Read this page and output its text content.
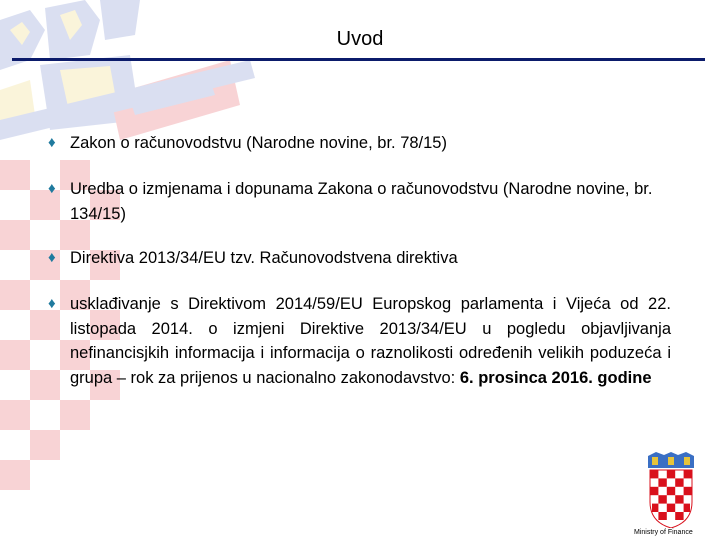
Uvod
♦ Zakon o računovodstvu (Narodne novine, br. 78/15)
♦ Uredba o izmjenama i dopunama Zakona o računovodstvu (Narodne novine, br. 134/15)
♦ Direktiva 2013/34/EU tzv. Računovodstvena direktiva
♦ usklađivanje s Direktivom 2014/59/EU Europskog parlamenta i Vijeća od 22. listopada 2014. o izmjeni Direktive 2013/34/EU u pogledu objavljivanja nefinancisjkih informacija i informacija o raznolikosti određenih velikih poduzeća i grupa – rok za prijenos u nacionalno zakonodavstvo: 6. prosinca 2016. godine
Ministry of Finance
